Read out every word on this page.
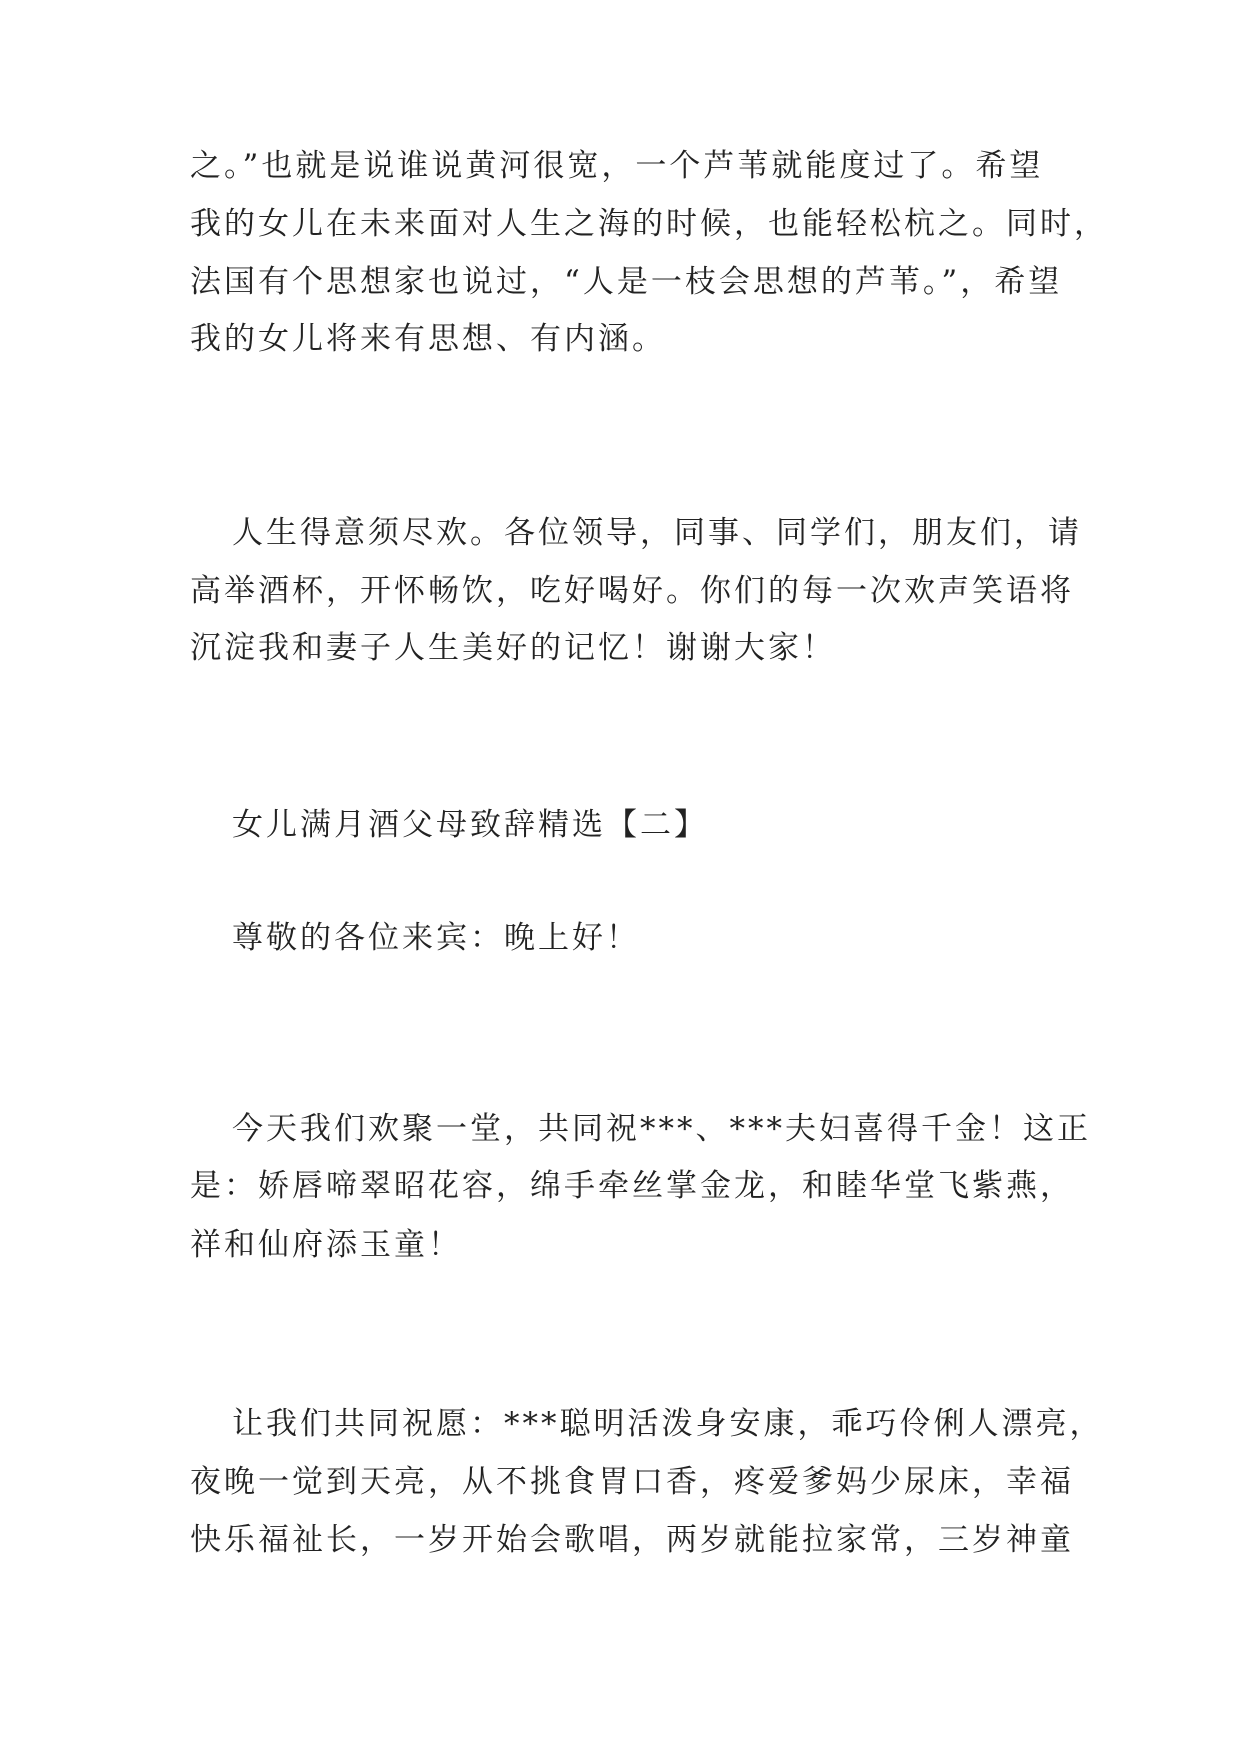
之。”也就是说谁说黄河很宽，一个芦苇就能度过了。希望
我的女儿在未来面对人生之海的时候，也能轻松杭之。同时，
法国有个思想家也说过，“人是一枝会思想的芦苇。”，希望
我的女儿将来有思想、有内涵。
人生得意须尽欢。各位领导，同事、同学们，朋友们，请
高举酒杯，开怀畅饮，吃好喝好。你们的每一次欢声笑语将
沉淀我和妻子人生美好的记忆！谢谢大家！
女儿满月酒父母致辞精选【二】
尊敬的各位来宾：晚上好！
今天我们欢聚一堂，共同祝***、***夫妇喜得千金！这正
是：娇唇啼翠昭花容，绵手牵丝掌金龙，和睦华堂飞紫燕，
祥和仙府添玉童！
让我们共同祝愿：***聪明活泼身安康，乖巧伶俐人漂亮，
夜晚一觉到天亮，从不挑食胃口香，疼爱爹妈少尿床，幸福
快乐福祉长，一岁开始会歌唱，两岁就能拉家常，三岁神童
